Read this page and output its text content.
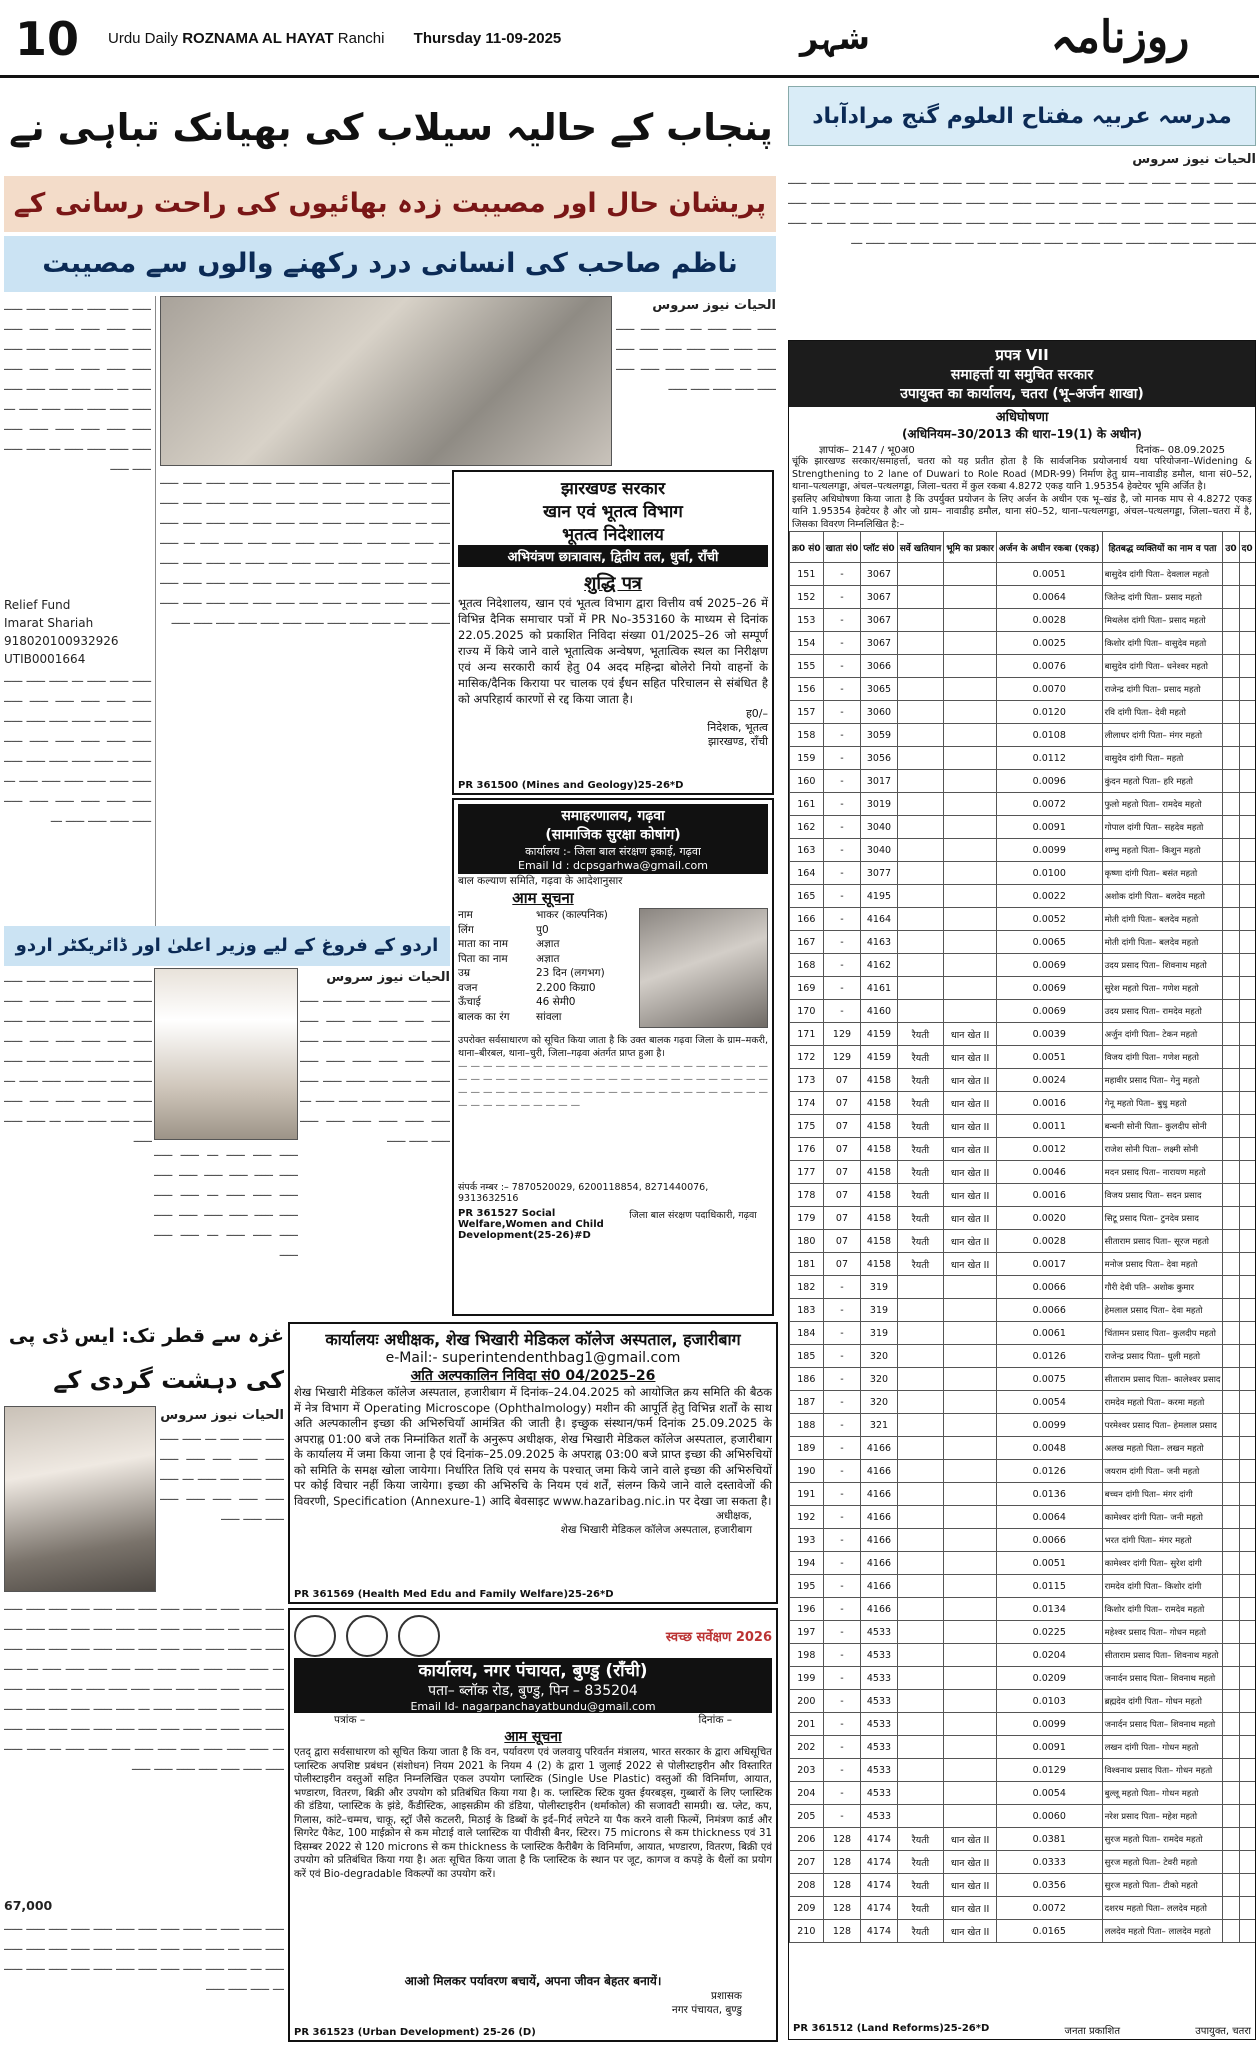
10	Urdu Daily ROZNAMA AL HAYAT Ranchi Thursday 11-09-2025	شہر	روزنامہ
پنجاب کے حالیہ سیلاب کی بھیانک تباہی نے
پریشان حال اور مصیبت زدہ بھائیوں کی راحت رسانی کے
ناظم صاحب کی انسانی درد رکھنے والوں سے مصیبت
الحیات نیوز سروس
ـــــ ـــــ ـــــ ـــ ـــــ ـــــ ـــــ ـــــ ـــــ ـــــ ـــــ ـــــ ـــــ ـــــ ـــــ ـــ ـــــ ـــــ ـــــ ـــــ ـــــ ـــــ ـــــ ـــــ ـــــ ـــــ
ـــــ ـــــ ـــــ ـــ ـــــ ـــــ ـــــ ـــــ ـــــ ـــــ ـــــ ـــــ ـــــ ـــــ ـــــ ـــ ـــــ ـــــ ـــــ ـــــ ـــــ ـــــ ـــــ ـــــ ـــــ ـــــ ـــــ ـــ ـــــ ـــــ ـــــ ـــــ ـــــ ـــــ ـــــ ـــــ ـــــ ـــــ ـــــ ـــ ـــــ ـــــ ـــــ ـــــ ـــــ ـــــ ـــــ ـــــ ـــــ ـــــ ـــ ـــــ ـــــ ـــــ ـــــ
Relief Fund
Imarat Shariah
918020100932926
UTIB0001664
ـــــ ـــــ ـــــ ـــ ـــــ ـــــ ـــــ ـــــ ـــــ ـــــ ـــــ ـــــ ـــــ ـــــ ـــــ ـــ ـــــ ـــــ ـــــ ـــــ ـــــ ـــــ ـــــ ـــــ ـــــ ـــــ ـــــ ـــ ـــــ ـــــ ـــــ ـــــ ـــــ ـــــ ـــــ ـــــ ـــــ ـــــ ـــــ ـــ ـــــ ـــــ ـــــ ـــــ ـــــ ـــــ ـــــ ـــــ ـــــ ـــــ ـــ
ـــــ ـــــ ـــــ ـــ ـــــ ـــــ ـــــ ـــــ ـــــ ـــــ ـــــ ـــــ ـــــ ـــــ ـــــ ـــ ـــــ ـــــ ـــــ ـــــ ـــــ ـــــ ـــــ ـــــ ـــــ ـــــ ـــــ ـــ ـــــ ـــــ ـــــ ـــــ ـــــ ـــــ ـــــ ـــــ ـــــ ـــــ ـــــ ـــ ـــــ ـــــ ـــــ ـــــ ـــــ ـــــ ـــــ ـــــ ـــــ ـــــ ـــ ـــــ ـــــ ـــــ ـــــ ـــــ ـــــ ـــــ ـــــ ـــــ ـــــ ـــ ـــــ ـــــ ـــــ ـــــ ـــــ ـــــ ـــــ ـــــ ـــــ ـــ ـــــ ـــــ ـــــ ـــــ ـــــ ـــــ ـــــ ـــــ ـــــ ـــــ ـــ ـــــ ـــــ ـــــ ـــــ ـــــ ـــــ ـــــ ـــــ ـــــ ـــــ ـــ ـــــ ـــــ ـــــ ـــــ ـــــ ـــــ ـــــ ـــــ ـــــ ـــــ
झारखण्ड सरकार
खान एवं भूतत्व विभाग
भूतत्व निदेशालय
अभियंत्रण छात्रावास, द्वितीय तल, धुर्वा, राँची
शुद्धि पत्र
भूतत्व निदेशालय, खान एवं भूतत्व विभाग द्वारा वित्तीय वर्ष 2025–26 में विभिन्न दैनिक समाचार पत्रों में PR No-353160 के माध्यम से दिनांक 22.05.2025 को प्रकाशित निविदा संख्या 01/2025–26 जो सम्पूर्ण राज्य में किये जाने वाले भूतात्विक अन्वेषण, भूतात्विक स्थल का निरीक्षण एवं अन्य सरकारी कार्य हेतु 04 अदद महिन्द्रा बोलेरो नियो वाहनों के मासिक/दैनिक किराया पर चालक एवं ईंधन सहित परिचालन से संबंधित है को अपरिहार्य कारणों से रद्द किया जाता है।
ह0/–
निदेशक, भूतत्व
झारखण्ड, राँची
PR 361500 (Mines and Geology)25-26*D
اردو کے فروغ کے لیے وزیر اعلیٰ اور ڈائریکٹر اردو
الحیات نیوز سروس
ـــــ ـــــ ـــــ ـــ ـــــ ـــــ ـــــ ـــــ ـــــ ـــــ ـــــ ـــــ ـــــ ـــــ ـــــ ـــ ـــــ ـــــ ـــــ ـــــ ـــــ ـــــ ـــــ ـــــ ـــــ ـــــ ـــــ ـــ ـــــ ـــــ ـــــ ـــــ ـــــ ـــــ ـــــ ـــــ ـــــ ـــــ ـــــ ـــ ـــــ ـــــ ـــــ ـــــ ـــــ ـــــ ـــــ ـــــ ـــــ
ـــــ ـــــ ـــــ ـــ ـــــ ـــــ ـــــ ـــــ ـــــ ـــــ ـــــ ـــــ ـــــ ـــــ ـــــ ـــ ـــــ ـــــ ـــــ ـــــ ـــــ ـــــ ـــــ ـــــ ـــــ ـــــ ـــــ ـــ ـــــ ـــــ ـــــ ـــــ ـــــ ـــــ ـــــ ـــــ ـــــ ـــــ ـــــ ـــ ـــــ ـــــ ـــــ ـــــ ـــــ ـــــ ـــــ ـــــ ـــــ ـــــ ـــ ـــــ ـــــ ـــــ
ـــــ ـــــ ـــــ ـــ ـــــ ـــــ ـــــ ـــــ ـــــ ـــــ ـــــ ـــــ ـــــ ـــــ ـــــ ـــ ـــــ ـــــ ـــــ ـــــ ـــــ ـــــ ـــــ ـــــ ـــــ ـــــ ـــــ ـــ ـــــ ـــــ ـــــ
समाहरणालय, गढ़वा
(सामाजिक सुरक्षा कोषांग)
कार्यालय :- जिला बाल संरक्षण इकाई, गढ़वा
Email Id : dcpsgarhwa@gmail.com
बाल कल्याण समिति, गढ़वा के आदेशानुसार
आम सूचना
नाम	भाकर (काल्पनिक)
लिंग	पु0
माता का नाम	अज्ञात
पिता का नाम	अज्ञात
उम्र	23 दिन (लगभग)
वजन	2.200 किग्रा0
ऊँचाई	46 सेमी0
बालक का रंग	सांवला
उपरोक्त सर्वसाधारण को सूचित किया जाता है कि उक्त बालक गढ़वा जिला के ग्राम–मकरी, थाना–बीरबल, थाना–चुरी, जिला–गढ़वा अंतर्गत प्राप्त हुआ है।
— — — — — — — — — — — — — — — — — — — — — — — — — — — — — — — — — — — — — — — — — — — — — — — — — — — — — — — — — — — — — — — — — — — — — — — — — — — — — — — — — — — — —
संपर्क नम्बर :– 7870520029, 6200118854, 8271440076, 9313632516
PR 361527 Social Welfare,Women and Child Development(25-26)#D
जिला बाल संरक्षण पदाधिकारी, गढ़वा
غزہ سے قطر تک: ایس ڈی پی
کی دہشت گردی کے
الحیات نیوز سروس
ـــــ ـــــ ـــــ ـــ ـــــ ـــــ ـــــ ـــــ ـــــ ـــــ ـــــ ـــــ ـــــ ـــــ ـــــ ـــ ـــــ ـــــ ـــــ ـــــ ـــــ ـــــ ـــــ ـــــ ـــــ
ـــــ ـــــ ـــــ ـــ ـــــ ـــــ ـــــ ـــــ ـــــ ـــــ ـــــ ـــــ ـــــ ـــــ ـــــ ـــ ـــــ ـــــ ـــــ ـــــ ـــــ ـــــ ـــــ ـــــ ـــــ ـــــ ـــــ ـــ ـــــ ـــــ ـــــ ـــــ ـــــ ـــــ ـــــ ـــــ ـــــ ـــــ ـــــ ـــ ـــــ ـــــ ـــــ ـــــ ـــــ ـــــ ـــــ ـــــ ـــــ ـــــ ـــ ـــــ ـــــ ـــــ ـــــ ـــــ ـــــ ـــــ ـــــ ـــــ ـــــ ـــ ـــــ ـــــ ـــــ ـــــ ـــــ ـــــ ـــــ ـــــ ـــــ ـــ ـــــ ـــــ ـــــ ـــــ ـــــ ـــــ ـــــ ـــــ ـــــ ـــ ـــــ ـــــ ـــــ ـــــ ـــــ ـــــ ـــــ ـــــ ـــــ ـــ ـــــ ـــــ ـــــ ـــــ ـــــ ـــــ ـــــ ـــــ ـــــ ـــ ـــــ ـــــ ـــــ ـــــ ـــــ ـــــ ـــــ ـــــ ـــــ
67,000
ـــــ ـــــ ـــــ ـــ ـــــ ـــــ ـــــ ـــــ ـــــ ـــــ ـــــ ـــــ ـــــ ـــــ ـــــ ـــ ـــــ ـــــ ـــــ ـــــ ـــــ ـــــ ـــــ ـــــ ـــــ ـــــ ـــــ ـــ ـــــ ـــــ ـــــ ـــــ ـــــ ـــــ ـــــ ـــــ ـــــ ـــــ ـــــ ـــ ـــــ ـــــ ـــــ
कार्यालयः अधीक्षक, शेख भिखारी मेडिकल कॉलेज अस्पताल, हजारीबाग
e-Mail:- superintendenthbag1@gmail.com
अति अल्पकालिन निविदा सं0 04/2025–26
शेख भिखारी मेडिकल कॉलेज अस्पताल, हजारीबाग में दिनांक–24.04.2025 को आयोजित क्रय समिति की बैठक में नेत्र विभाग में Operating Microscope (Ophthalmology) मशीन की आपूर्ति हेतु विभिन्न शर्तों के साथ अति अल्पकालीन इच्छा की अभिरुचियाँ आमंत्रित की जाती है। इच्छुक संस्थान/फर्म दिनांक 25.09.2025 के अपराह्न 01:00 बजे तक निम्नांकित शर्तों के अनुरूप अधीक्षक, शेख भिखारी मेडिकल कॉलेज अस्पताल, हजारीबाग के कार्यालय में जमा किया जाना है एवं दिनांक–25.09.2025 के अपराह्न 03:00 बजे प्राप्त इच्छा की अभिरुचियों को समिति के समक्ष खोला जायेगा। निर्धारित तिथि एवं समय के पश्चात् जमा किये जाने वाले इच्छा की अभिरुचियों पर कोई विचार नहीं किया जायेगा। इच्छा की अभिरुचि के नियम एवं शर्तें, संलग्न किये जाने वाले दस्तावेजों की विवरणी, Specification (Annexure-1) आदि बेवसाइट www.hazaribag.nic.in पर देखा जा सकता है।
अधीक्षक,
शेख भिखारी मेडिकल कॉलेज अस्पताल, हजारीबाग
PR 361569 (Health Med Edu and Family Welfare)25-26*D
स्वच्छ सर्वेक्षण 2026
कार्यालय, नगर पंचायत, बुण्डु (राँची)
पता– ब्लॉक रोड, बुण्डु, पिन – 835204
Email Id- nagarpanchayatbundu@gmail.com
पत्रांक –	दिनांक –
आम सूचना
एतद् द्वारा सर्वसाधारण को सूचित किया जाता है कि वन, पर्यावरण एवं जलवायु परिवर्तन मंत्रालय, भारत सरकार के द्वारा अधिसूचित प्लास्टिक अपशिष्ट प्रबंधन (संशोधन) नियम 2021 के नियम 4 (2) के द्वारा 1 जुलाई 2022 से पोलीस्टाइरीन और विस्तारित पोलीस्टाइरीन वस्तुओं सहित निम्नलिखित एकल उपयोग प्लास्टिक (Single Use Plastic) वस्तुओं की विनिर्माण, आयात, भण्डारण, वितरण, बिक्री और उपयोग को प्रतिबंधित किया गया है। क. प्लास्टिक स्टिक युक्त ईयरबड्स, गुब्बारों के लिए प्लास्टिक की डंडिया, प्लास्टिक के झंडे, कैंडीस्टिक, आइसक्रीम की डंडिया, पोलीस्टाइरीन (थर्माकोल) की सजावटी सामग्री। ख. प्लेट, कप, गिलास, कांटे–चम्मच, चाकू, स्ट्रॉ जैसे कटलरी, मिठाई के डिब्बों के इर्द–गिर्द लपेटने या पैक करने वाली फिल्में, निमंत्रण कार्ड और सिगरेट पैकेट, 100 माईक्रोन से कम मोटाई वाले प्लास्टिक या पीवीसी बैनर, स्टिरर। 75 microns से कम thickness एवं 31 दिसम्बर 2022 से 120 microns से कम thickness के प्लास्टिक कैरीबैग के विनिर्माण, आयात, भण्डारण, वितरण, बिक्री एवं उपयोग को प्रतिबंधित किया गया है। अतः सूचित किया जाता है कि प्लास्टिक के स्थान पर जूट, कागज व कपड़े के थैलों का प्रयोग करें एवं Bio-degradable विकल्पों का उपयोग करें।
आओ मिलकर पर्यावरण बचायें, अपना जीवन बेहतर बनायें।
प्रशासक
नगर पंचायत, बुण्डु
PR 361523 (Urban Development) 25-26 (D)
مدرسہ عربیہ مفتاح العلوم گنج مرادآباد
الحیات نیوز سروس
ـــــ ـــــ ـــــ ـــ ـــــ ـــــ ـــــ ـــــ ـــــ ـــــ ـــــ ـــــ ـــــ ـــــ ـــــ ـــ ـــــ ـــــ ـــــ ـــــ ـــــ ـــــ ـــــ ـــــ ـــــ ـــــ ـــــ ـــ ـــــ ـــــ ـــــ ـــــ ـــــ ـــــ ـــــ ـــــ ـــــ ـــــ ـــــ ـــ ـــــ ـــــ ـــــ ـــــ ـــــ ـــــ ـــــ ـــــ ـــــ ـــــ ـــ ـــــ ـــــ ـــــ ـــــ ـــــ ـــــ ـــــ ـــــ ـــــ ـــــ ـــ ـــــ ـــــ ـــــ ـــــ ـــــ ـــــ ـــــ ـــــ ـــــ ـــ ـــــ ـــــ ـــــ ـــــ ـــــ ـــــ ـــــ ـــــ ـــــ ـــ
प्रपत्र VII
समाहर्त्ता या समुचित सरकार
उपायुक्त का कार्यालय, चतरा (भू–अर्जन शाखा)
अधिघोषणा
(अधिनियम–30/2013 की धारा–19(1) के अधीन)
ज्ञापांक– 2147 / भू0अ0	दिनांक– 08.09.2025
चूंकि झारखण्ड सरकार/समाहर्त्ता, चतरा को यह प्रतीत होता है कि सार्वजनिक प्रयोजनार्थ यथा परियोजना–Widening & Strengthening to 2 lane of Duwari to Role Road (MDR-99) निर्माण हेतु ग्राम–नावाडीह डमौल, थाना सं0–52, थाना–पत्थलगड्डा, अंचल–पत्थलगड्डा, जिला–चतरा में कुल रकबा 4.8272 एकड़ यानि 1.95354 हेक्टेयर भूमि अर्जित है।
इसलिए अधिघोषणा किया जाता है कि उपर्युक्त प्रयोजन के लिए अर्जन के अधीन एक भू–खंड है, जो मानक माप से 4.8272 एकड़ यानि 1.95354 हेक्टेयर है और जो ग्राम– नावाडीह डमौल, थाना सं0–52, थाना–पत्थलगड्डा, अंचल–पत्थलगड्डा, जिला–चतरा में है, जिसका विवरण निम्नलिखित है:–
क्र0 सं0	खाता सं0	प्लॉट सं0	सर्वे खतियान	भूमि का प्रकार	अर्जन के अधीन रकबा (एकड़)	हितबद्ध व्यक्तियों का नाम व पता	उ0	द0		
151	-	3067			0.0051	बासुदेव दांगी पिता– देवलाल महतो				
152	-	3067			0.0064	जितेन्द्र दांगी पिता– प्रसाद महतो				
153	-	3067			0.0028	मिथलेश दांगी पिता– प्रसाद महतो				
154	-	3067			0.0025	किशोर दांगी पिता– वासुदेव महतो				
155	-	3066			0.0076	बासुदेव दांगी पिता– धनेश्वर महतो				
156	-	3065			0.0070	राजेन्द्र दांगी पिता– प्रसाद महतो				
157	-	3060			0.0120	रवि दांगी पिता– देवी महतो				
158	-	3059			0.0108	लीलाधर दांगी पिता– मंगर महतो				
159	-	3056			0.0112	वासुदेव दांगी पिता– महतो				
160	-	3017			0.0096	कुंदन महतो पिता– हरि महतो				
161	-	3019			0.0072	फुलो महतो पिता– रामदेव महतो				
162	-	3040			0.0091	गोपाल दांगी पिता– सहदेव महतो				
163	-	3040			0.0099	शम्भु महतो पिता– किशुन महतो				
164	-	3077			0.0100	कृष्णा दांगी पिता– बसंत महतो				
165	-	4195			0.0022	अशोक दांगी पिता– बलदेव महतो				
166	-	4164			0.0052	मोती दांगी पिता– बलदेव महतो				
167	-	4163			0.0065	मोती दांगी पिता– बलदेव महतो				
168	-	4162			0.0069	उदय प्रसाद पिता– शिवनाथ महतो				
169	-	4161			0.0069	सुरेश महतो पिता– गणेश महतो				
170	-	4160			0.0069	उदय प्रसाद पिता– रामदेव महतो				
171	129	4159	रैयती	धान खेत II	0.0039	अर्जुन दांगी पिता– टेकन महतो				
172	129	4159	रैयती	धान खेत II	0.0051	विजय दांगी पिता– गणेश महतो				
173	07	4158	रैयती	धान खेत II	0.0024	महावीर प्रसाद पिता– गेनु महतो				
174	07	4158	रैयती	धान खेत II	0.0016	गेनू महतो पिता– बुधु महतो				
175	07	4158	रैयती	धान खेत II	0.0011	बन्धनी सोनी पिता– कुलदीप सोनी				
176	07	4158	रैयती	धान खेत II	0.0012	राजेश सोनी पिता– लक्ष्मी सोनी				
177	07	4158	रैयती	धान खेत II	0.0046	मदन प्रसाद पिता– नारायण महतो				
178	07	4158	रैयती	धान खेत II	0.0016	विजय प्रसाद पिता– सदन प्रसाद				
179	07	4158	रैयती	धान खेत II	0.0020	सिटू प्रसाद पिता– टुनदेव प्रसाद				
180	07	4158	रैयती	धान खेत II	0.0028	सीताराम प्रसाद पिता– सूरज महतो				
181	07	4158	रैयती	धान खेत II	0.0017	मनोज प्रसाद पिता– देवा महतो				
182	-	319			0.0066	गौरी देवी पति– अशोक कुमार				
183	-	319			0.0066	हेमलाल प्रसाद पिता– देवा महतो				
184	-	319			0.0061	चिंतामन प्रसाद पिता– कुलदीप महतो				
185	-	320			0.0126	राजेन्द्र प्रसाद पिता– धुली महतो				
186	-	320			0.0075	सीताराम प्रसाद पिता– कालेश्वर प्रसाद				
187	-	320			0.0054	रामदेव महतो पिता– करमा महतो				
188	-	321			0.0099	परमेश्वर प्रसाद पिता– हेमलाल प्रसाद				
189	-	4166			0.0048	अलख महतो पिता– लखन महतो				
190	-	4166			0.0126	जयराम दांगी पिता– जनी महतो				
191	-	4166			0.0136	बच्चन दांगी पिता– मंगर दांगी				
192	-	4166			0.0064	कामेश्वर दांगी पिता– जनी महतो				
193	-	4166			0.0066	भरत दांगी पिता– मंगर महतो				
194	-	4166			0.0051	कामेश्वर दांगी पिता– सुरेश दांगी				
195	-	4166			0.0115	रामदेव दांगी पिता– किशोर दांगी				
196	-	4166			0.0134	किशोर दांगी पिता– रामदेव महतो				
197	-	4533			0.0225	महेश्वर प्रसाद पिता– गोधन महतो				
198	-	4533			0.0204	सीताराम प्रसाद पिता– शिवनाथ महतो				
199	-	4533			0.0209	जनार्दन प्रसाद पिता– शिवनाथ महतो				
200	-	4533			0.0103	ब्रह्मदेव दांगी पिता– गोधन महतो				
201	-	4533			0.0099	जनार्दन प्रसाद पिता– शिवनाथ महतो				
202	-	4533			0.0091	लखन दांगी पिता– गोधन महतो				
203	-	4533			0.0129	विश्वनाथ प्रसाद पिता– गोधन महतो				
204	-	4533			0.0054	बुल्लू महतो पिता– गोधन महतो				
205	-	4533			0.0060	नरेश प्रसाद पिता– महेश महतो				
206	128	4174	रैयती	धान खेत II	0.0381	सुरज महतो पिता– रामदेव महतो				
207	128	4174	रैयती	धान खेत II	0.0333	सुरज महतो पिता– टेवरी महतो				
208	128	4174	रैयती	धान खेत II	0.0356	सुरज महतो पिता– टीको महतो				
209	128	4174	रैयती	धान खेत II	0.0072	दशरथ महतो पिता– ललदेव महतो				
210	128	4174	रैयती	धान खेत II	0.0165	ललदेव महतो पिता– लालदेव महतो				
PR 361512 (Land Reforms)25-26*D	जनता प्रकाशित	उपायुक्त, चतरा
